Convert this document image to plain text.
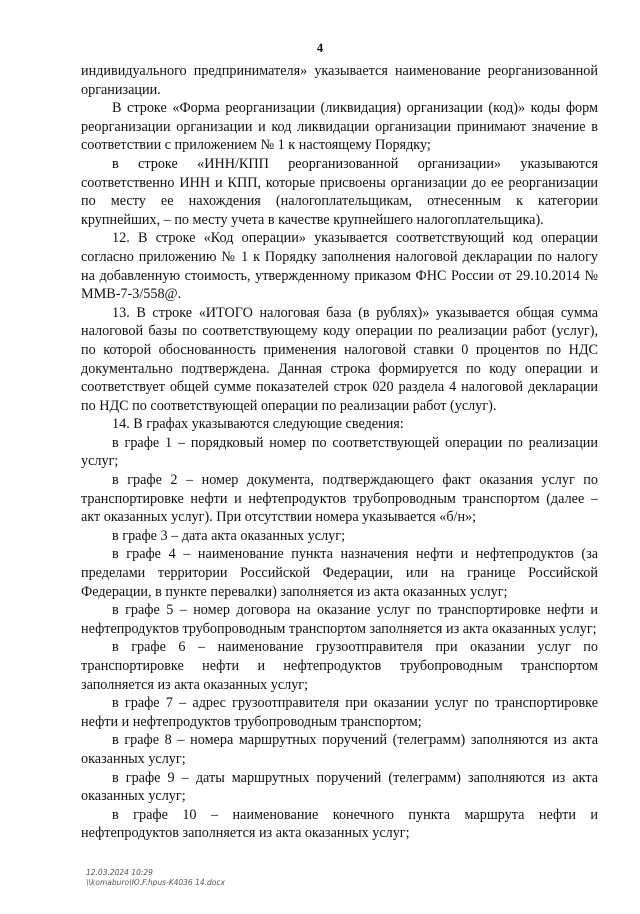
4

индивидуального предпринимателя» указывается наименование реорганизованной организации.

В строке «Форма реорганизации (ликвидация) организации (код)» коды форм реорганизации организации и код ликвидации организации принимают значение в соответствии с приложением № 1 к настоящему Порядку;

в строке «ИНН/КПП реорганизованной организации» указываются соответственно ИНН и КПП, которые присвоены организации до ее реорганизации по месту ее нахождения (налогоплательщикам, отнесенным к категории крупнейших, – по месту учета в качестве крупнейшего налогоплательщика).

12. В строке «Код операции» указывается соответствующий код операции согласно приложению № 1 к Порядку заполнения налоговой декларации по налогу на добавленную стоимость, утвержденному приказом ФНС России от 29.10.2014 № ММВ-7-3/558@.

13. В строке «ИТОГО налоговая база (в рублях)» указывается общая сумма налоговой базы по соответствующему коду операции по реализации работ (услуг), по которой обоснованность применения налоговой ставки 0 процентов по НДС документально подтверждена. Данная строка формируется по коду операции и соответствует общей сумме показателей строк 020 раздела 4 налоговой декларации по НДС по соответствующей операции по реализации работ (услуг).

14. В графах указываются следующие сведения:

в графе 1 – порядковый номер по соответствующей операции по реализации услуг;

в графе 2 – номер документа, подтверждающего факт оказания услуг по транспортировке нефти и нефтепродуктов трубопроводным транспортом (далее – акт оказанных услуг). При отсутствии номера указывается «б/н»;

в графе 3 – дата акта оказанных услуг;

в графе 4 – наименование пункта назначения нефти и нефтепродуктов (за пределами территории Российской Федерации, или на границе Российской Федерации, в пункте перевалки) заполняется из акта оказанных услуг;

в графе 5 – номер договора на оказание услуг по транспортировке нефти и нефтепродуктов трубопроводным транспортом заполняется из акта оказанных услуг;

в графе 6 – наименование грузоотправителя при оказании услуг по транспортировке нефти и нефтепродуктов трубопроводным транспортом заполняется из акта оказанных услуг;

в графе 7 – адрес грузоотправителя при оказании услуг по транспортировке нефти и нефтепродуктов трубопроводным транспортом;

в графе 8 – номера маршрутных поручений (телеграмм) заполняются из акта оказанных услуг;

в графе 9 – даты маршрутных поручений (телеграмм) заполняются из акта оказанных услуг;

в графе 10 – наименование конечного пункта маршрута нефти и нефтепродуктов заполняется из акта оказанных услуг;

12.03.2024 10:29
\\komaburo\Ю.F.hpus-K4036 14.docx
